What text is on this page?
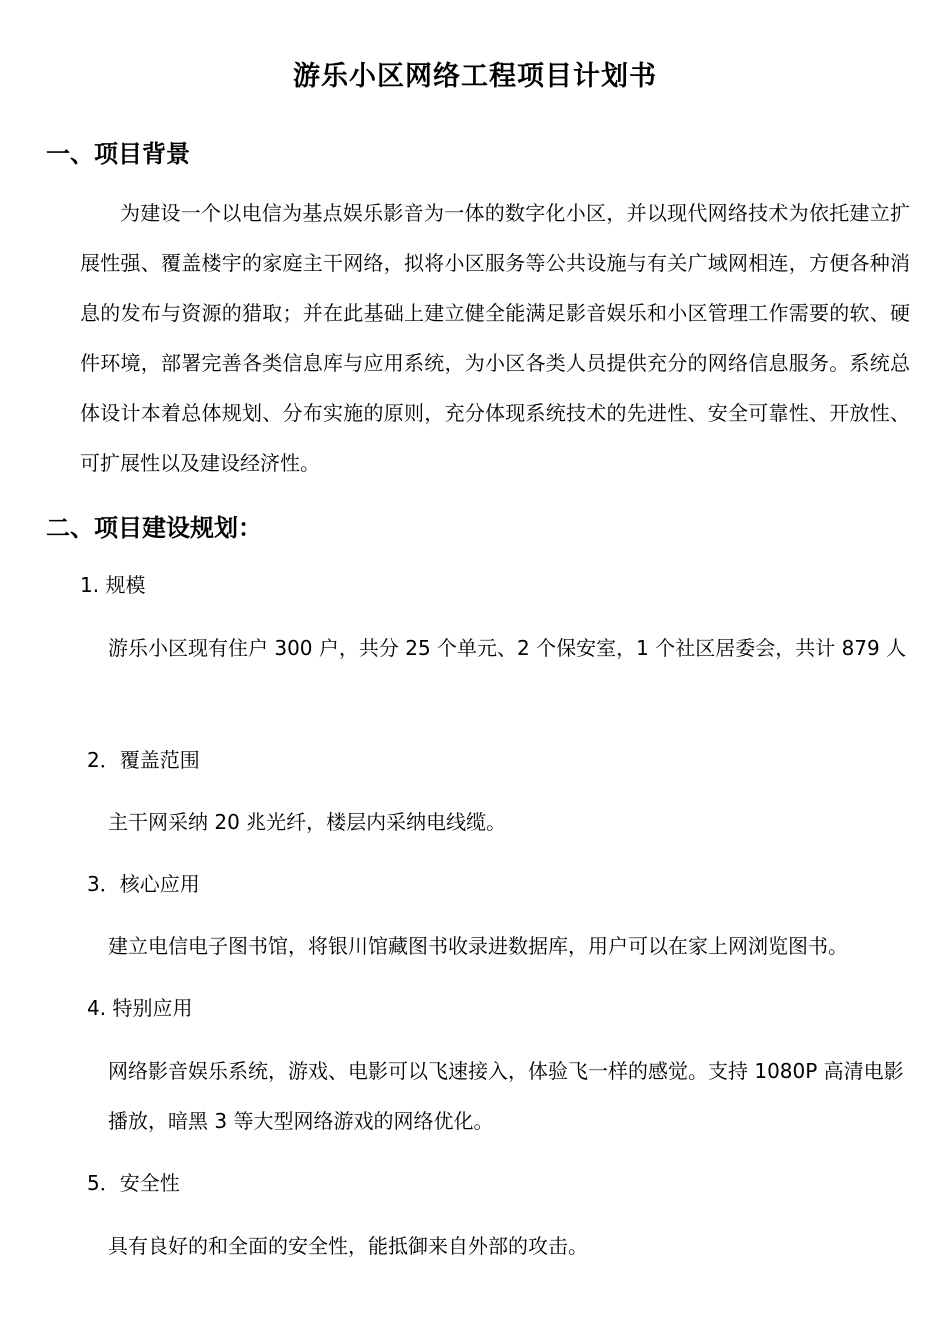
游乐小区网络工程项目计划书
一、项目背景

为建设一个以电信为基点娱乐影音为一体的数字化小区，并以现代网络技术为依托建立扩展性强、覆盖楼宇的家庭主干网络，拟将小区服务等公共设施与有关广域网相连，方便各种消息的发布与资源的猎取；并在此基础上建立健全能满足影音娱乐和小区管理工作需要的软、硬件环境，部署完善各类信息库与应用系统，为小区各类人员提供充分的网络信息服务。系统总体设计本着总体规划、分布实施的原则，充分体现系统技术的先进性、安全可靠性、开放性、可扩展性以及建设经济性。

二、项目建设规划：
1. 规模

游乐小区现有住户 300 户，共分 25 个单元、2 个保安室，1 个社区居委会，共计 879 人

2．覆盖范围

主干网采纳 20 兆光纤，楼层内采纳电线缆。

3．核心应用

建立电信电子图书馆，将银川馆藏图书收录进数据库，用户可以在家上网浏览图书。

4. 特别应用

网络影音娱乐系统，游戏、电影可以飞速接入，体验飞一样的感觉。支持 1080P 高清电影播放，暗黑 3 等大型网络游戏的网络优化。

5．安全性

具有良好的和全面的安全性，能抵御来自外部的攻击。
